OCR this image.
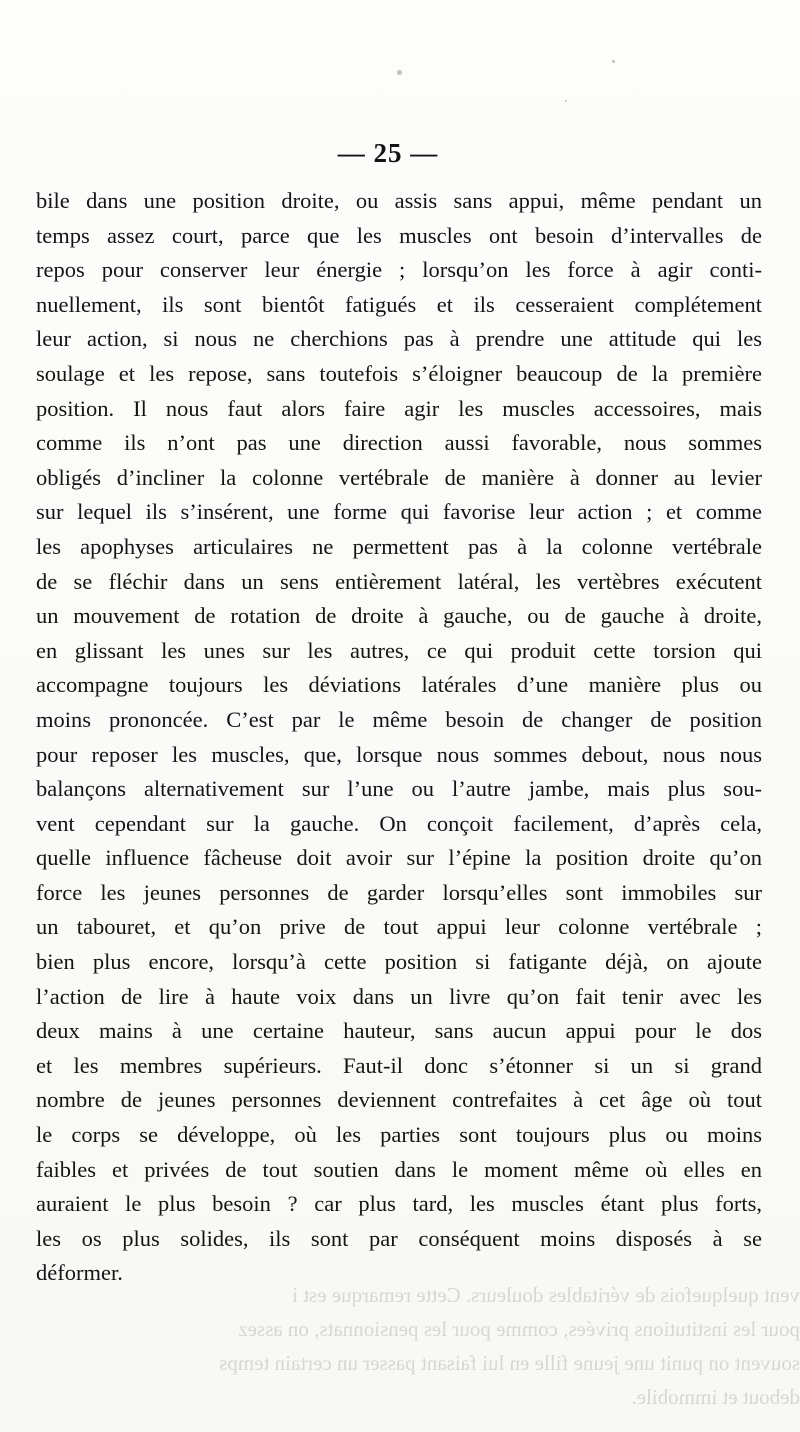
— 25 —
bile dans une position droite, ou assis sans appui, même pendant un
temps assez court, parce que les muscles ont besoin d’intervalles de
repos pour conserver leur énergie ; lorsqu’on les force à agir conti-
nuellement, ils sont bientôt fatigués et ils cesseraient complétement
leur action, si nous ne cherchions pas à prendre une attitude qui les
soulage et les repose, sans toutefois s’éloigner beaucoup de la première
position. Il nous faut alors faire agir les muscles accessoires, mais
comme ils n’ont pas une direction aussi favorable, nous sommes
obligés d’incliner la colonne vertébrale de manière à donner au levier
sur lequel ils s’insérent, une forme qui favorise leur action ; et comme
les apophyses articulaires ne permettent pas à la colonne vertébrale
de se fléchir dans un sens entièrement latéral, les vertèbres exécutent
un mouvement de rotation de droite à gauche, ou de gauche à droite,
en glissant les unes sur les autres, ce qui produit cette torsion qui
accompagne toujours les déviations latérales d’une manière plus ou
moins prononcée. C’est par le même besoin de changer de position
pour reposer les muscles, que, lorsque nous sommes debout, nous nous
balançons alternativement sur l’une ou l’autre jambe, mais plus sou-
vent cependant sur la gauche. On conçoit facilement, d’après cela,
quelle influence fâcheuse doit avoir sur l’épine la position droite qu’on
force les jeunes personnes de garder lorsqu’elles sont immobiles sur
un tabouret, et qu’on prive de tout appui leur colonne vertébrale ;
bien plus encore, lorsqu’à cette position si fatigante déjà, on ajoute
l’action de lire à haute voix dans un livre qu’on fait tenir avec les
deux mains à une certaine hauteur, sans aucun appui pour le dos
et les membres supérieurs. Faut-il donc s’étonner si un si grand
nombre de jeunes personnes deviennent contrefaites à cet âge où tout
le corps se développe, où les parties sont toujours plus ou moins
faibles et privées de tout soutien dans le moment même où elles en
auraient le plus besoin ? car plus tard, les muscles étant plus forts,
les os plus solides, ils sont par conséquent moins disposés à se
déformer.
vent quelquefois de véritables douleurs. Cette remarque est i
pour les institutions privées, comme pour les pensionnats, on assez
souvent on punit une jeune fille en lui faisant passer un certain temps
debout et immobile.
